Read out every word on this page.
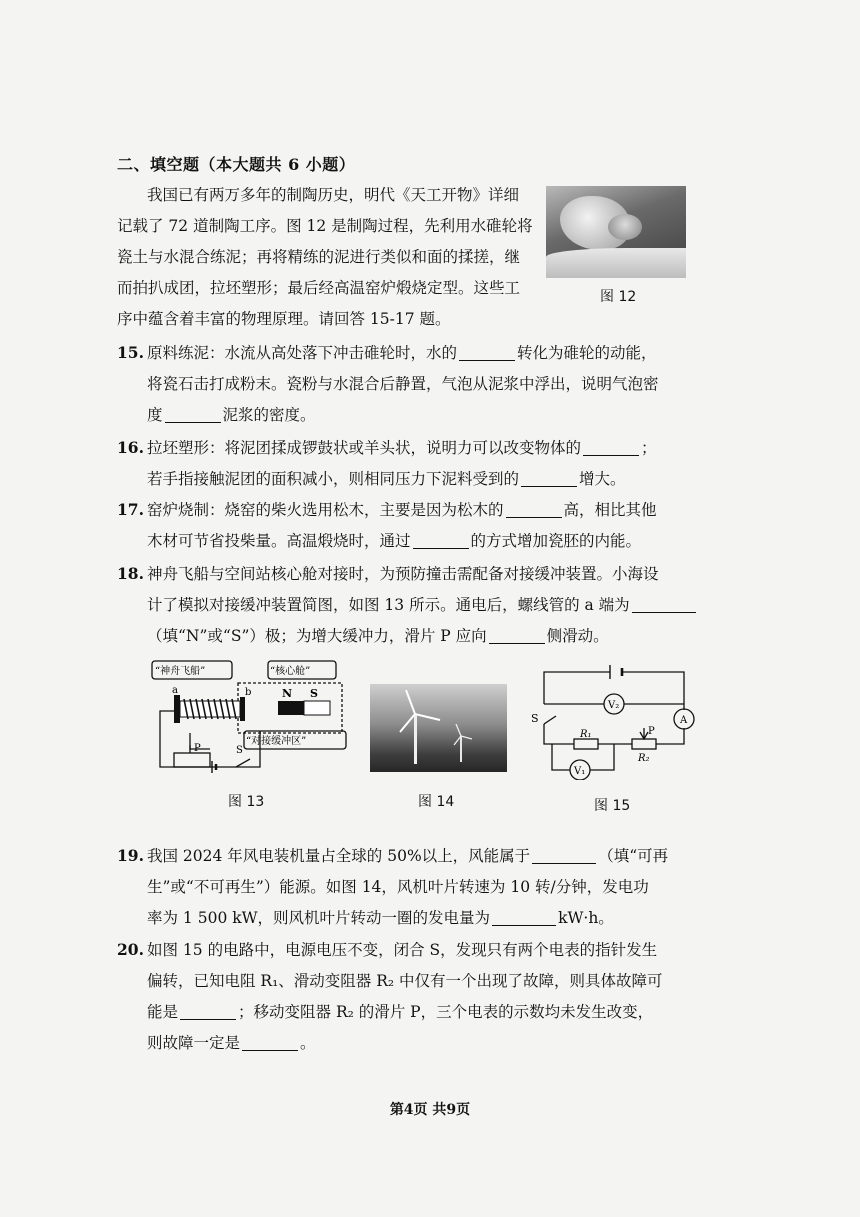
二、填空题（本大题共 6 小题）
我国已有两万多年的制陶历史，明代《天工开物》详细
记载了 72 道制陶工序。图 12 是制陶过程，先利用水碓轮将
瓷土与水混合练泥；再将精练的泥进行类似和面的揉搓，继
而拍扒成团，拉坯塑形；最后经高温窑炉煅烧定型。这些工
序中蕴含着丰富的物理原理。请回答 15-17 题。
图 12
15. 原料练泥：水流从高处落下冲击碓轮时，水的	转化为碓轮的动能，
将瓷石击打成粉末。瓷粉与水混合后静置，气泡从泥浆中浮出，说明气泡密
度	泥浆的密度。
16. 拉坯塑形：将泥团揉成锣鼓状或羊头状，说明力可以改变物体的	；
若手指接触泥团的面积减小，则相同压力下泥料受到的	增大。
17. 窑炉烧制：烧窑的柴火选用松木，主要是因为松木的	高，相比其他
木材可节省投柴量。高温煅烧时，通过	的方式增加瓷胚的内能。
18. 神舟飞船与空间站核心舱对接时，为预防撞击需配备对接缓冲装置。小海设
计了模拟对接缓冲装置简图，如图 13 所示。通电后，螺线管的 a 端为
（填“N”或“S”）极；为增大缓冲力，滑片 P 应向	侧滑动。
“神舟飞船”	“核心舱”
“对接缓冲区”
a	b	N S
P	S
图 13	图 14
V₂
A
V₁
S
R₁
R₂
P
图 15
19. 我国 2024 年风电装机量占全球的 50%以上，风能属于	（填“可再
生”或“不可再生”）能源。如图 14，风机叶片转速为 10 转/分钟，发电功
率为 1 500 kW，则风机叶片转动一圈的发电量为	kW·h。
20. 如图 15 的电路中，电源电压不变，闭合 S，发现只有两个电表的指针发生
偏转，已知电阻 R₁、滑动变阻器 R₂ 中仅有一个出现了故障，则具体故障可
能是	；移动变阻器 R₂ 的滑片 P，三个电表的示数均未发生改变，
则故障一定是	。
第4页 共9页
